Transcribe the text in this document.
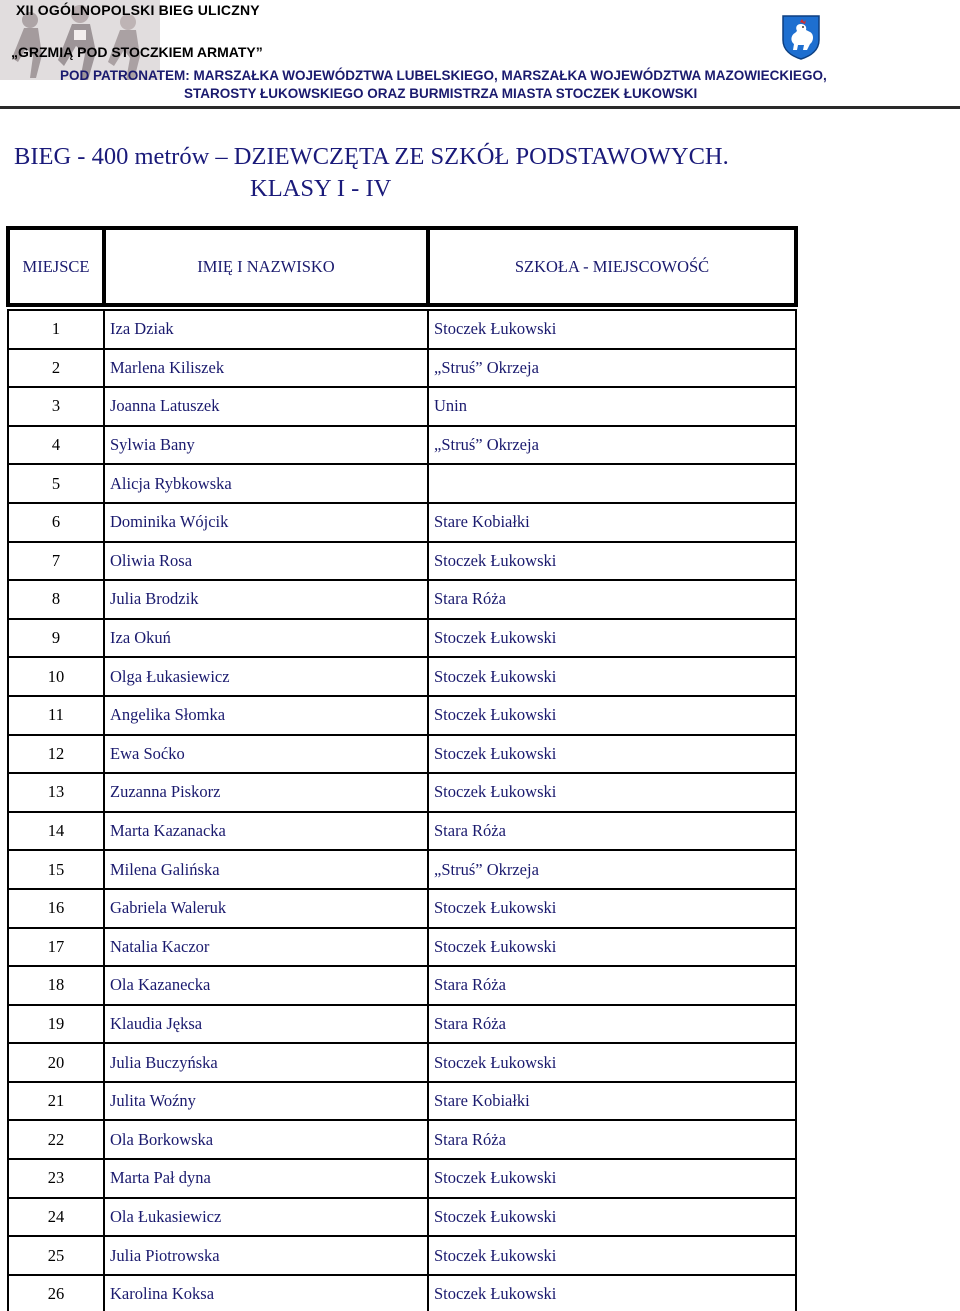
XII OGÓLNOPOLSKI BIEG ULICZNY
„GRZMIĄ POD STOCZKIEM ARMATY”
POD PATRONATEM: MARSZAŁKA WOJEWÓDZTWA LUBELSKIEGO, MARSZAŁKA WOJEWÓDZTWA MAZOWIECKIEGO,
STAROSTY ŁUKOWSKIEGO ORAZ BURMISTRZA MIASTA STOCZEK ŁUKOWSKI
BIEG - 400 metrów – DZIEWCZĘTA ZE SZKÓŁ PODSTAWOWYCH.
KLASY I - IV
MIEJSCE	IMIĘ I NAZWISKO	SZKOŁA - MIEJSCOWOŚĆ

1	Iza Dziak	Stoczek Łukowski
2	Marlena Kiliszek	„Struś” Okrzeja
3	Joanna Latuszek	Unin
4	Sylwia Bany	„Struś” Okrzeja
5	Alicja Rybkowska	
6	Dominika Wójcik	Stare Kobiałki
7	Oliwia Rosa	Stoczek Łukowski
8	Julia Brodzik	Stara Róża
9	Iza Okuń	Stoczek Łukowski
10	Olga Łukasiewicz	Stoczek Łukowski
11	Angelika Słomka	Stoczek Łukowski
12	Ewa Soćko	Stoczek Łukowski
13	Zuzanna Piskorz	Stoczek Łukowski
14	Marta Kazanacka	Stara Róża
15	Milena Galińska	„Struś” Okrzeja
16	Gabriela Waleruk	Stoczek Łukowski
17	Natalia Kaczor	Stoczek Łukowski
18	Ola Kazanecka	Stara Róża
19	Klaudia Jęksa	Stara Róża
20	Julia Buczyńska	Stoczek Łukowski
21	Julita Woźny	Stare Kobiałki
22	Ola Borkowska	Stara Róża
23	Marta Pał dyna	Stoczek Łukowski
24	Ola Łukasiewicz	Stoczek Łukowski
25	Julia Piotrowska	Stoczek Łukowski
26	Karolina Koksa	Stoczek Łukowski
